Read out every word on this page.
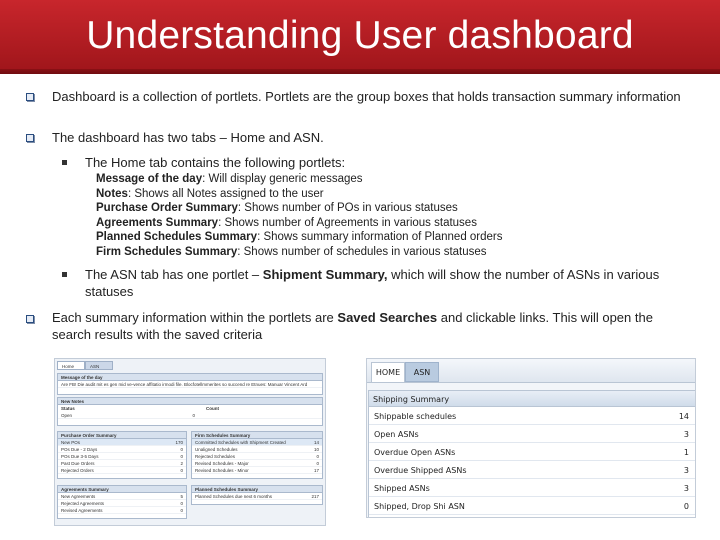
Understanding User dashboard
Dashboard is a collection of portlets. Portlets are the group boxes that holds transaction summary information
The dashboard has two tabs – Home and ASN.
The Home tab contains the following portlets:
Message of the day: Will display generic messages
Notes: Shows all Notes assigned to the user
Purchase Order Summary: Shows number of POs in various statuses
Agreements Summary: Shows number of Agreements in various statuses
Planned Schedules Summary: Shows summary information of Planned orders
Firm Schedules Summary: Shows number of schedules in various statuses
The ASN tab has one portlet – Shipment Summary, which will show the number of ASNs in various statuses
Each summary information within the portlets are Saved Searches and clickable links. This will open the search results with the saved criteria
Home	ASN
Message of the day
Are FB! Die audit mit es gen mid ve-vence affitatio irmodi file. Blocfotellmmerites so succend re Etnues: Manuar Vincent Ard
New Notes
Status	Count
Open	0
Purchase Order Summary
New POs	170
POs Due - 2 Days	0
POs Due 3-5 Days	0
Past Due Orders	2
Rejected Orders	0
Firm Schedules Summary
Committed Schedules with Shipment Created	14
Unaligned Schedules	10
Rejected Schedules	0
Revised Schedules - Major	0
Revised Schedules - Minor	17
Agreements Summary
New Agreements	5
Rejected Agreements	0
Revised Agreements	0
Planned Schedules Summary
Planned Schedules due next 6 months	217
HOME	ASN
Shipping Summary
Shippable schedules	14
Open ASNs	3
Overdue Open ASNs	1
Overdue Shipped ASNs	3
Shipped ASNs	3
Shipped, Drop Shi ASN	0
